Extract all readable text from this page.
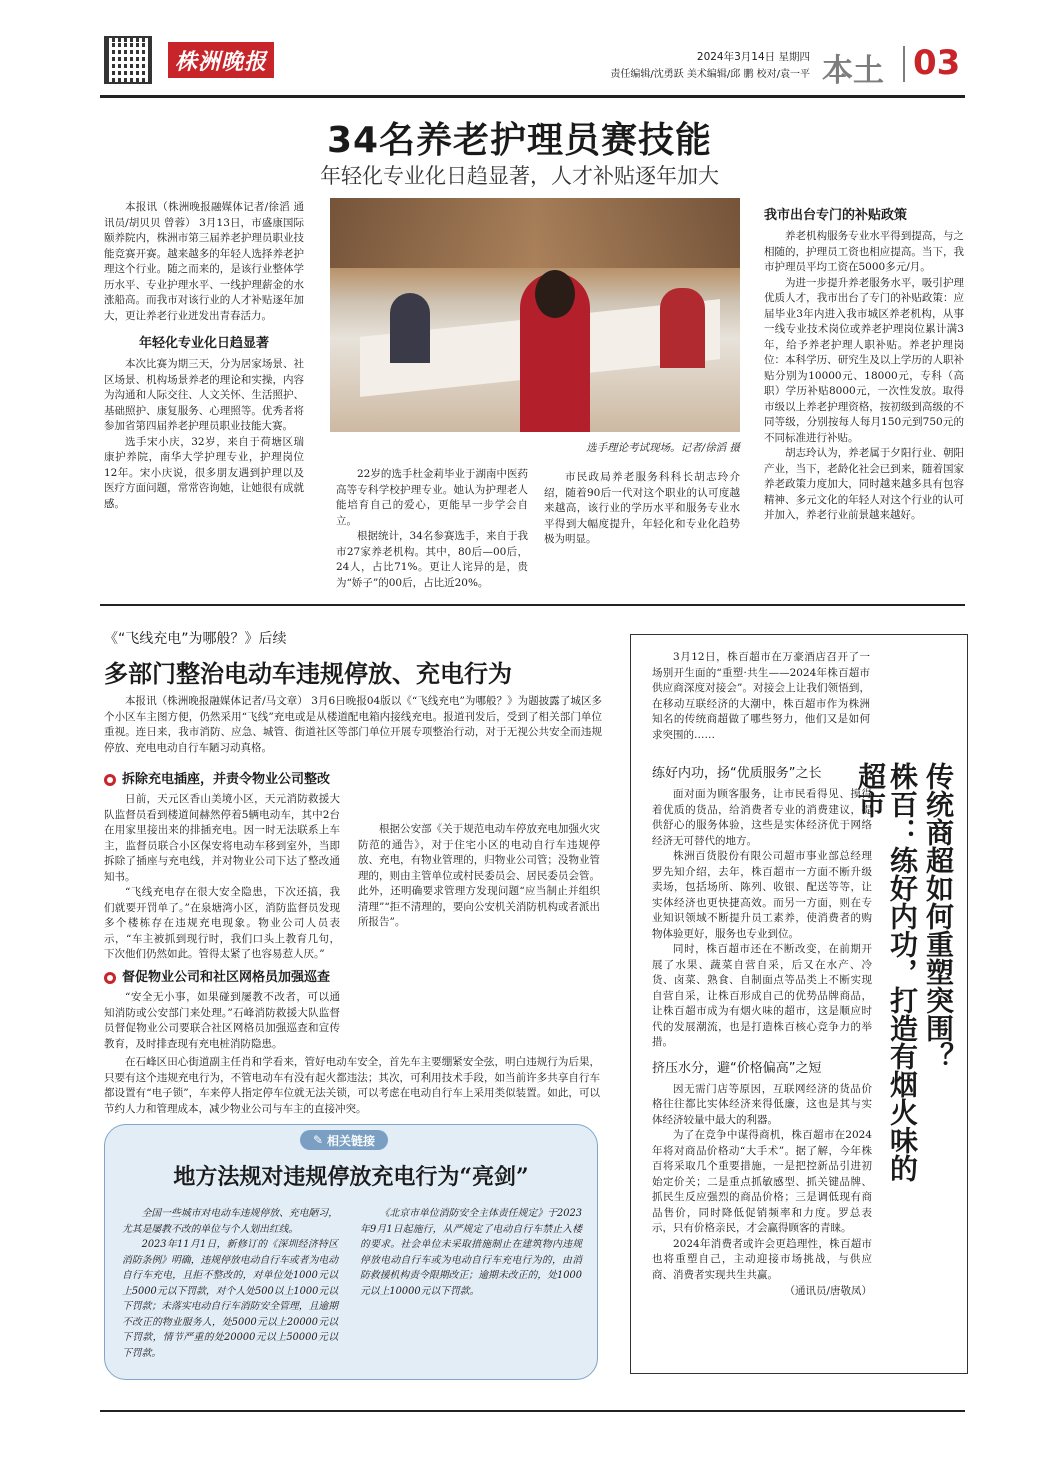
株洲晚报	2024年3月14日 星期四
责任编辑/沈勇跃 美术编辑/邱 鹏 校对/袁一平 本土 03
34名养老护理员赛技能
年轻化专业化日趋显著，人才补贴逐年加大

本报讯（株洲晚报融媒体记者/徐滔 通讯员/胡贝贝 曾蓉） 3月13日，市盛康国际颐养院内，株洲市第三届养老护理员职业技能竞赛开赛。越来越多的年轻人选择养老护理这个行业。随之而来的，是该行业整体学历水平、专业护理水平、一线护理薪金的水涨船高。而我市对该行业的人才补贴逐年加大，更让养老行业迸发出青春活力。

年轻化专业化日趋显著

本次比赛为期三天，分为居家场景、社区场景、机构场景养老的理论和实操，内容为沟通和人际交往、人文关怀、生活照护、基础照护、康复服务、心理照等。优秀者将参加省第四届养老护理员职业技能大赛。

选手宋小庆，32岁，来自于荷塘区瑞康护养院，南华大学护理专业，护理岗位12年。宋小庆说，很多朋友遇到护理以及医疗方面问题，常常咨询她，让她很有成就感。

选手理论考试现场。记者/徐滔 摄

22岁的选手杜金莉毕业于湖南中医药高等专科学校护理专业。她认为护理老人能培育自己的爱心，更能早一步学会自立。

根据统计，34名参赛选手，来自于我市27家养老机构。其中，80后—00后，24人，占比71%。更让人诧异的是，贵为“娇子”的00后，占比近20%。

市民政局养老服务科科长胡志玲介绍，随着90后一代对这个职业的认可度越来越高，该行业的学历水平和服务专业水平得到大幅度提升，年轻化和专业化趋势极为明显。

我市出台专门的补贴政策

养老机构服务专业水平得到提高，与之相随的，护理员工资也相应提高。当下，我市护理员平均工资在5000多元/月。

为进一步提升养老服务水平，吸引护理优质人才，我市出台了专门的补贴政策：应届毕业3年内进入我市城区养老机构，从事一线专业技术岗位或养老护理岗位累计满3年，给予养老护理人职补贴。养老护理岗位：本科学历、研究生及以上学历的人职补贴分别为10000元、18000元，专科（高职）学历补贴8000元，一次性发放。取得市级以上养老护理资格，按初级到高级的不同等级，分别按每人每月150元到750元的不同标准进行补贴。

胡志玲认为，养老属于夕阳行业、朝阳产业，当下，老龄化社会已到来，随着国家养老政策力度加大，同时越来越多具有包容精神、多元文化的年轻人对这个行业的认可并加入，养老行业前景越来越好。

《“飞线充电”为哪般？》后续
多部门整治电动车违规停放、充电行为

本报讯（株洲晚报融媒体记者/马文章） 3月6日晚报04版以《“飞线充电”为哪般？》为题披露了城区多个小区车主图方便，仍然采用“飞线”充电或是从楼道配电箱内接线充电。报道刊发后，受到了相关部门单位重视。连日来，我市消防、应急、城管、街道社区等部门单位开展专项整治行动，对于无视公共安全而违规停放、充电电动自行车陋习动真格。

拆除充电插座，并责令物业公司整改

日前，天元区香山美境小区，天元消防救援大队监督员看到楼道间赫然停着5辆电动车，其中2台在用家里接出来的排插充电。因一时无法联系上车主，监督员联合小区保安将电动车移到室外，当即拆除了插座与充电线，并对物业公司下达了整改通知书。

“飞线充电存在很大安全隐患，下次还搞，我们就要开罚单了。”在泉塘湾小区，消防监督员发现多个楼栋存在违规充电现象。物业公司人员表示，“车主被抓到现行时，我们口头上教育几句，下次他们仍然如此。管得太紧了也容易惹人厌。”

根据公安部《关于规范电动车停放充电加强火灾防范的通告》，对于住宅小区的电动自行车违规停放、充电，有物业管理的，归物业公司管；没物业管理的，则由主管单位或村民委员会、居民委员会管。此外，还明确要求管理方发现问题“应当制止并组织清理”“拒不清理的，要向公安机关消防机构或者派出所报告”。

督促物业公司和社区网格员加强巡查

“安全无小事，如果碰到屡教不改者，可以通知消防或公安部门来处理。”石峰消防救援大队监督员督促物业公司要联合社区网格员加强巡查和宣传教育，及时排查现有充电桩消防隐患。

在石峰区田心街道副主任肖和学看来，管好电动车安全，首先车主要绷紧安全弦，明白违规行为后果，只要有这个违规充电行为，不管电动车有没有起火都违法；其次，可利用技术手段，如当前许多共享自行车都设置有“电子锁”，车来停人指定停车位就无法关锁，可以考虑在电动自行车上采用类似装置。如此，可以节约人力和管理成本，减少物业公司与车主的直接冲突。

✎ 相关链接
地方法规对违规停放充电行为“亮剑”

全国一些城市对电动车违规停放、充电陋习，尤其是屡教不改的单位与个人划出红线。

2023年11月1日，新修订的《深圳经济特区消防条例》明确，违规停放电动自行车或者为电动自行车充电，且拒不整改的，对单位处1000元以上5000元以下罚款，对个人处500以上1000元以下罚款；未落实电动自行车消防安全管理，且逾期不改正的物业服务人，处5000元以上20000元以下罚款，情节严重的处20000元以上50000元以下罚款。

《北京市单位消防安全主体责任规定》于2023年9月1日起施行，从严规定了电动自行车禁止入楼的要求。社会单位未采取措施制止在建筑物内违规停放电动自行车或为电动自行车充电行为的，由消防救援机构责令限期改正；逾期未改正的，处1000元以上10000元以下罚款。

3月12日，株百超市在万豪酒店召开了一场别开生面的“重塑·共生——2024年株百超市供应商深度对接会”。对接会上让我们领悟到，在移动互联经济的大潮中，株百超市作为株洲知名的传统商超做了哪些努力，他们又是如何求突围的……

传统商超如何重塑突围？
株百：练好内功，打造有烟火味的超市
练好内功，扬“优质服务”之长

面对面为顾客服务，让市民看得见、摸得着优质的货品，给消费者专业的消费建议，提供舒心的服务体验，这些是实体经济优于网络经济无可替代的地方。

株洲百货股份有限公司超市事业部总经理罗先知介绍，去年，株百超市一方面不断升级卖场，包括场所、陈列、收银、配送等等，让实体经济也更快捷高效。而另一方面，则在专业知识领域不断提升员工素养，使消费者的购物体验更好，服务也专业到位。

同时，株百超市还在不断改变，在前期开展了水果、蔬菜自营自采，后又在水产、冷货、卤菜、熟食、自制面点等品类上不断实现自营自采，让株百形成自己的优势品牌商品，让株百超市成为有烟火味的超市，这是顺应时代的发展潮流，也是打造株百核心竞争力的举措。

挤压水分，避“价格偏高”之短

因无需门店等原因，互联网经济的货品价格往往都比实体经济来得低廉，这也是其与实体经济较量中最大的利器。

为了在竞争中谋得商机，株百超市在2024年将对商品价格动“大手术”。据了解，今年株百将采取几个重要措施，一是把控新品引进初始定价关；二是重点抓敏感型、抓关键品牌、抓民生反应强烈的商品价格；三是调低现有商品售价，同时降低促销频率和力度。罗总表示，只有价格亲民，才会赢得顾客的青睐。

2024年消费者或许会更趋理性，株百超市也将重塑自己，主动迎接市场挑战，与供应商、消费者实现共生共赢。

（通讯员/唐敬凤）
